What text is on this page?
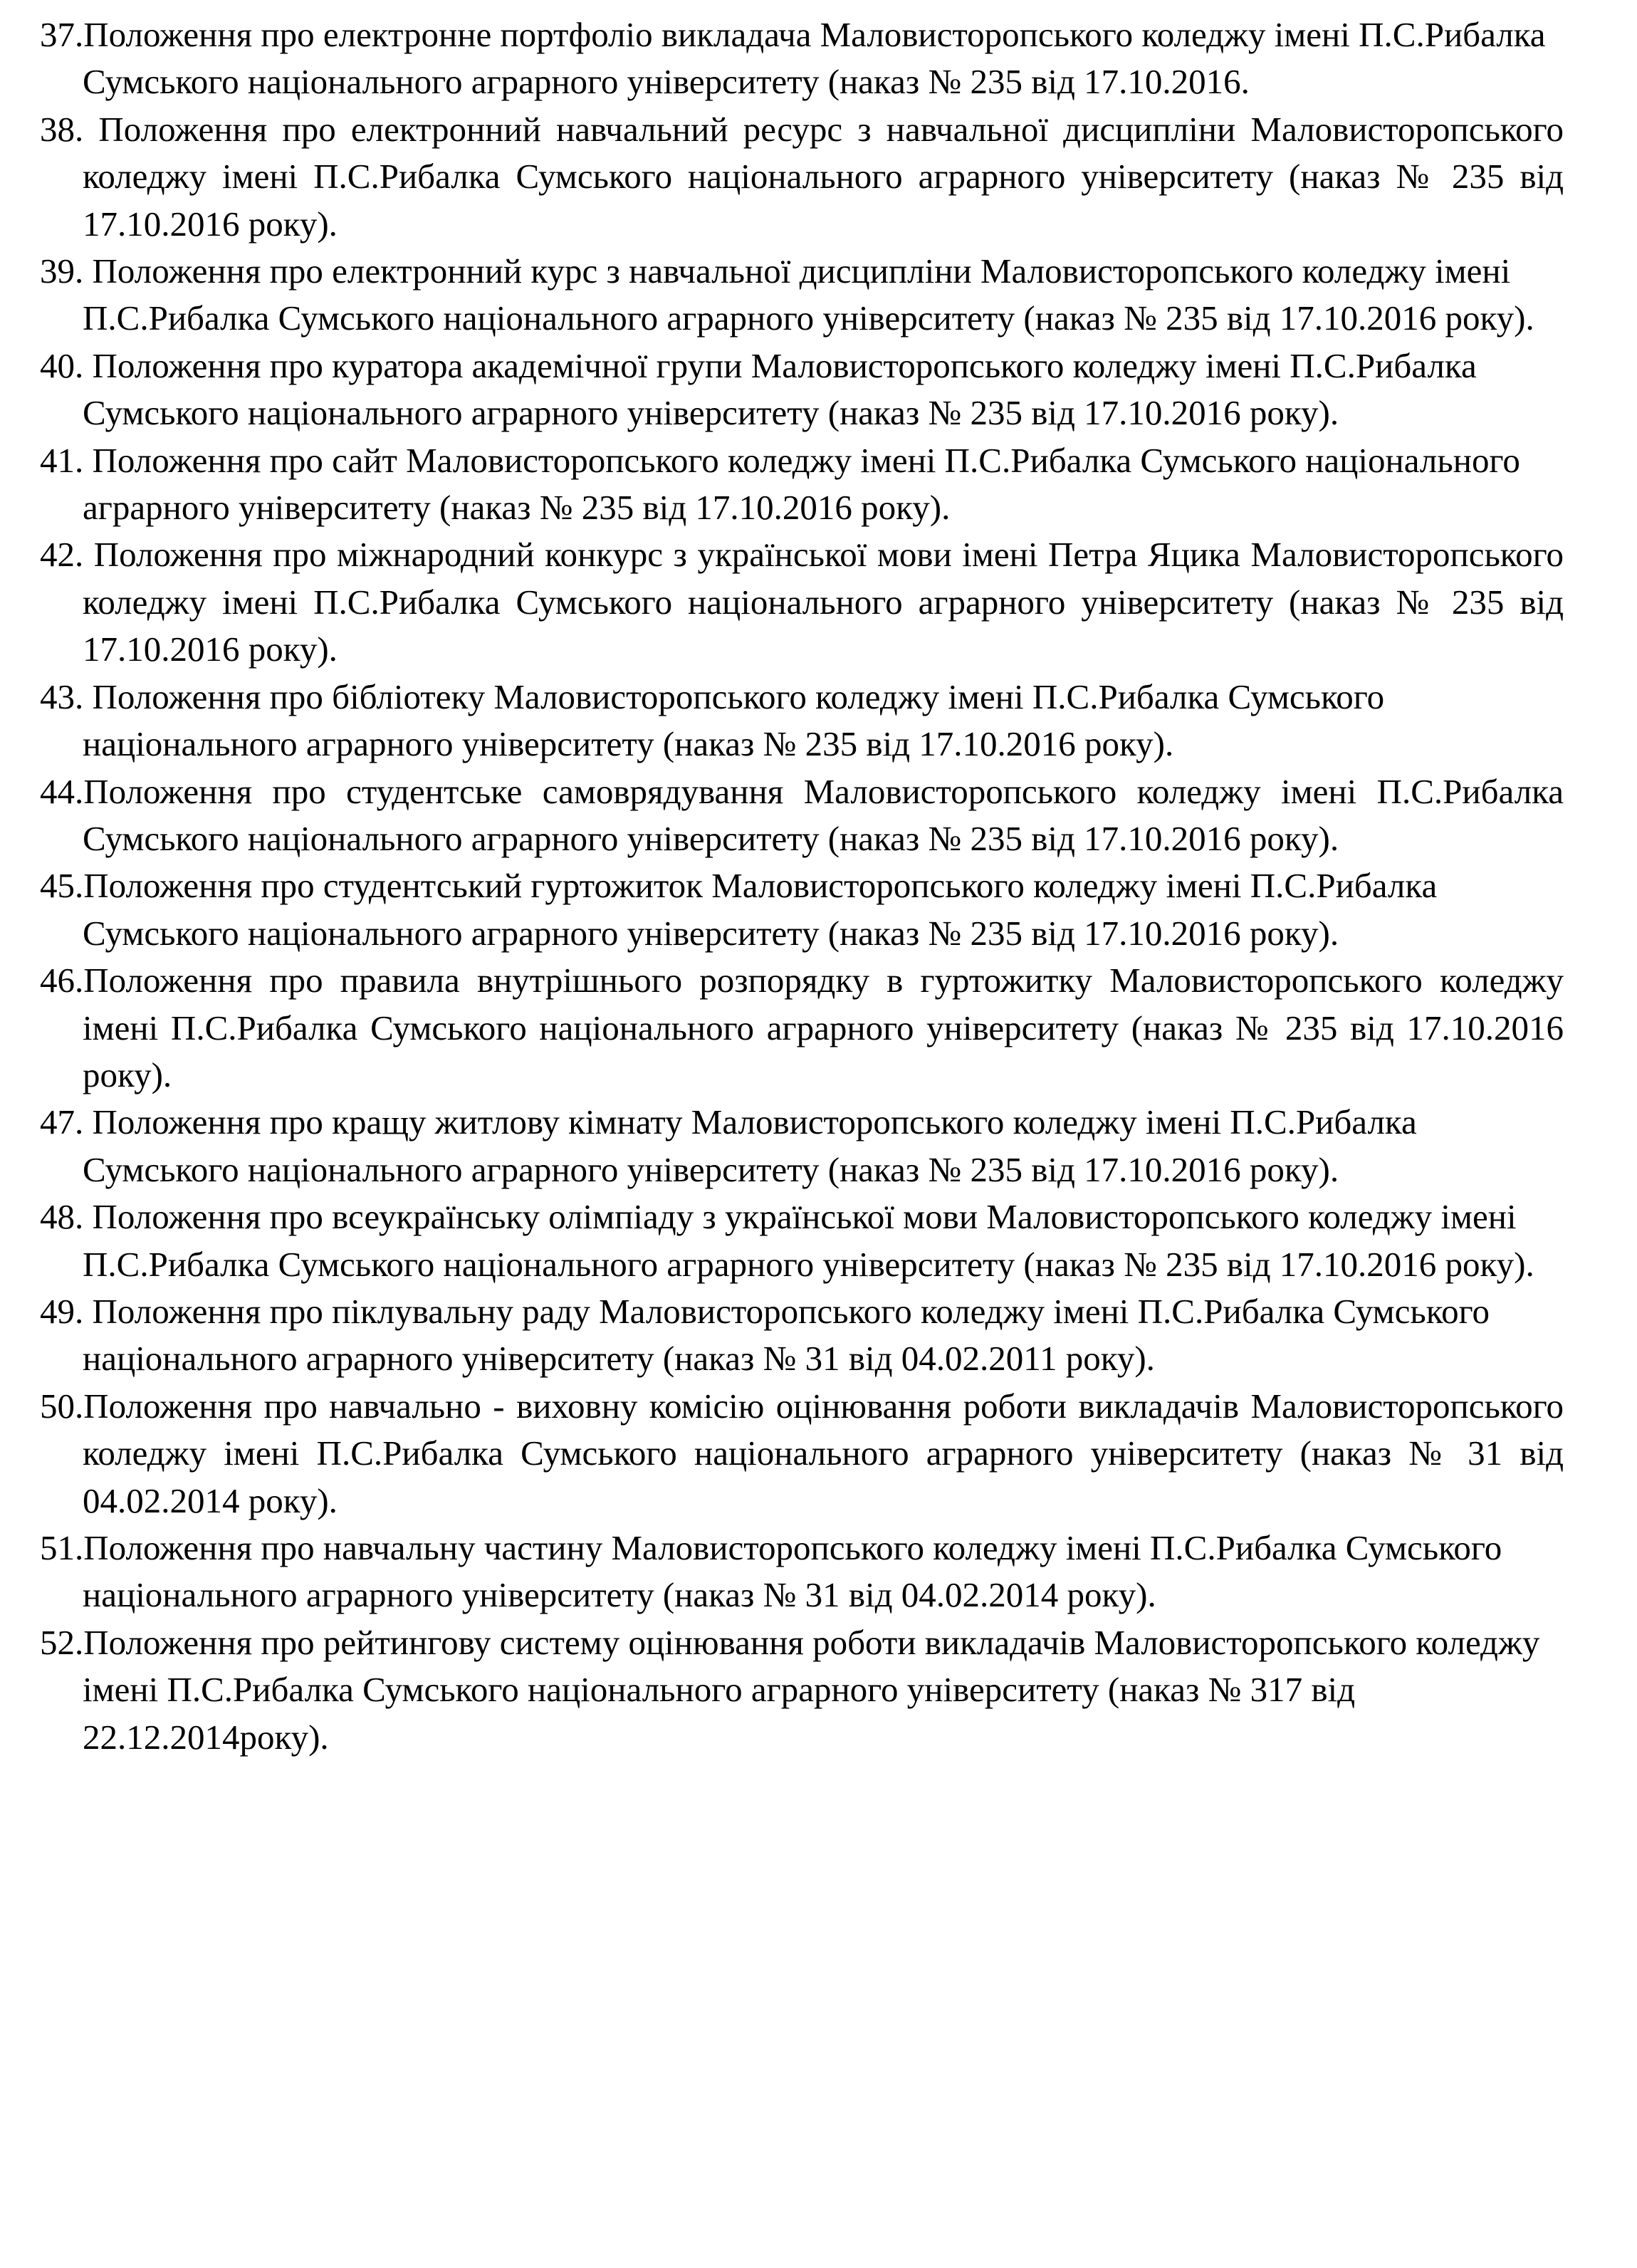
37.Положення про електронне портфоліо викладача Маловисторопського коледжу імені П.С.Рибалка Сумського національного аграрного університету (наказ № 235 від 17.10.2016.
38. Положення про електронний навчальний ресурс з навчальної дисципліни Маловисторопського коледжу імені П.С.Рибалка Сумського національного аграрного університету (наказ № 235 від 17.10.2016 року).
39. Положення про електронний курс з навчальної дисципліни Маловисторопського коледжу імені П.С.Рибалка Сумського національного аграрного університету (наказ № 235 від 17.10.2016 року).
40. Положення про куратора академічної групи Маловисторопського коледжу імені П.С.Рибалка Сумського національного аграрного університету (наказ № 235 від 17.10.2016 року).
41. Положення про сайт Маловисторопського коледжу імені П.С.Рибалка Сумського національного аграрного університету (наказ № 235 від 17.10.2016 року).
42. Положення про міжнародний конкурс з української мови імені Петра Яцика Маловисторопського коледжу імені П.С.Рибалка Сумського національного аграрного університету (наказ № 235 від 17.10.2016 року).
43. Положення про бібліотеку Маловисторопського коледжу імені П.С.Рибалка Сумського національного аграрного університету (наказ № 235 від 17.10.2016 року).
44.Положення про студентське самоврядування Маловисторопського коледжу імені П.С.Рибалка Сумського національного аграрного університету (наказ № 235 від 17.10.2016 року).
45.Положення про студентський гуртожиток Маловисторопського коледжу імені П.С.Рибалка Сумського національного аграрного університету (наказ № 235 від 17.10.2016 року).
46.Положення про правила внутрішнього розпорядку в гуртожитку Маловисторопського коледжу імені П.С.Рибалка Сумського національного аграрного університету (наказ № 235 від 17.10.2016 року).
47. Положення про кращу житлову кімнату Маловисторопського коледжу імені П.С.Рибалка Сумського національного аграрного університету (наказ № 235 від 17.10.2016 року).
48. Положення про всеукраїнську олімпіаду з української мови Маловисторопського коледжу імені П.С.Рибалка Сумського національного аграрного університету (наказ № 235 від 17.10.2016 року).
49. Положення про піклувальну раду Маловисторопського коледжу імені П.С.Рибалка Сумського національного аграрного університету (наказ № 31 від 04.02.2011 року).
50.Положення про навчально - виховну комісію оцінювання роботи викладачів Маловисторопського коледжу імені П.С.Рибалка Сумського національного аграрного університету (наказ № 31 від 04.02.2014 року).
51.Положення про навчальну частину Маловисторопського коледжу імені П.С.Рибалка Сумського національного аграрного університету (наказ № 31 від 04.02.2014 року).
52.Положення про рейтингову систему оцінювання роботи викладачів Маловисторопського коледжу імені П.С.Рибалка Сумського національного аграрного університету (наказ № 317 від 22.12.2014року).
